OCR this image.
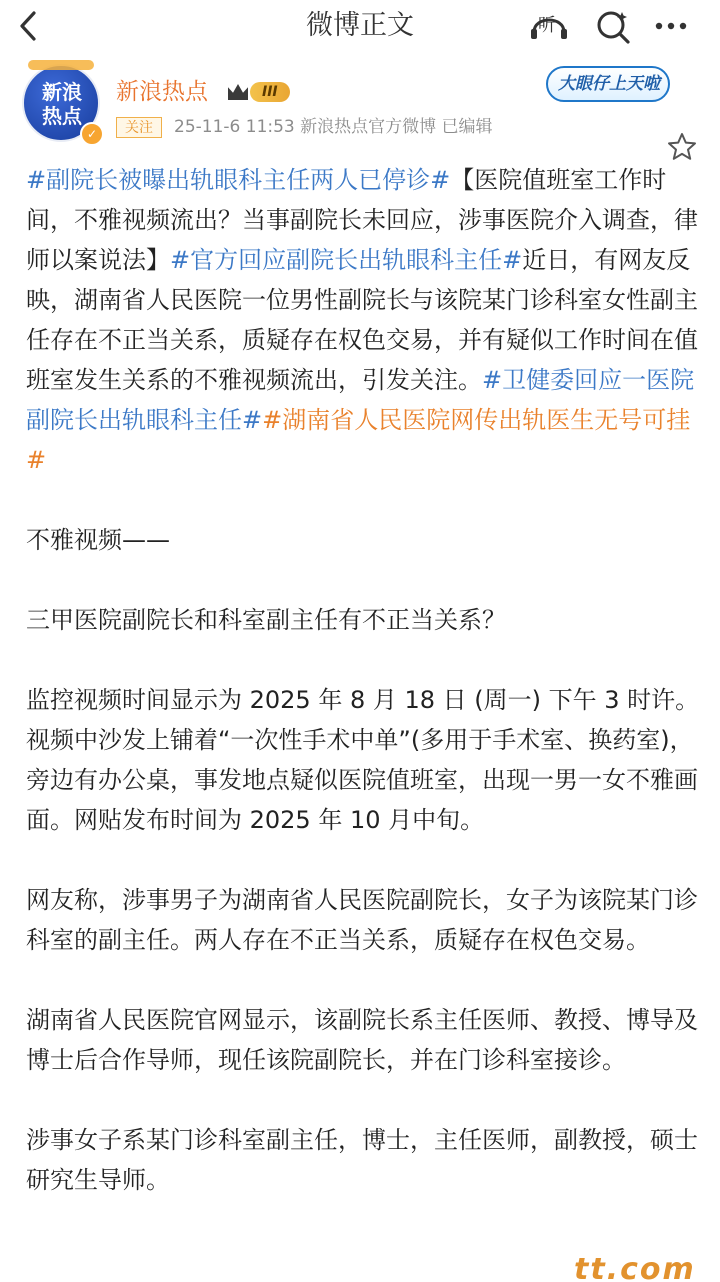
微博正文	听
新浪
热点
✓
新浪热点	III
关注	25-11-6 11:53 新浪热点官方微博 已编辑
大眼仔上天啦

#副院长被曝出轨眼科主任两人已停诊#【医院值班室工作时间，不雅视频流出？当事副院长未回应，涉事医院介入调查，律师以案说法】#官方回应副院长出轨眼科主任#近日，有网友反映，湖南省人民医院一位男性副院长与该院某门诊科室女性副主任存在不正当关系，质疑存在权色交易，并有疑似工作时间在值班室发生关系的不雅视频流出，引发关注。#卫健委回应一医院副院长出轨眼科主任##湖南省人民医院网传出轨医生无号可挂#

不雅视频——

三甲医院副院长和科室副主任有不正当关系？

监控视频时间显示为 2025 年 8 月 18 日 (周一) 下午 3 时许。视频中沙发上铺着“一次性手术中单”(多用于手术室、换药室)，旁边有办公桌，事发地点疑似医院值班室，出现一男一女不雅画面。网贴发布时间为 2025 年 10 月中旬。

网友称，涉事男子为湖南省人民医院副院长，女子为该院某门诊科室的副主任。两人存在不正当关系，质疑存在权色交易。

湖南省人民医院官网显示，该副院长系主任医师、教授、博导及博士后合作导师，现任该院副院长，并在门诊科室接诊。

涉事女子系某门诊科室副主任，博士，主任医师，副教授，硕士研究生导师。

tt.com
